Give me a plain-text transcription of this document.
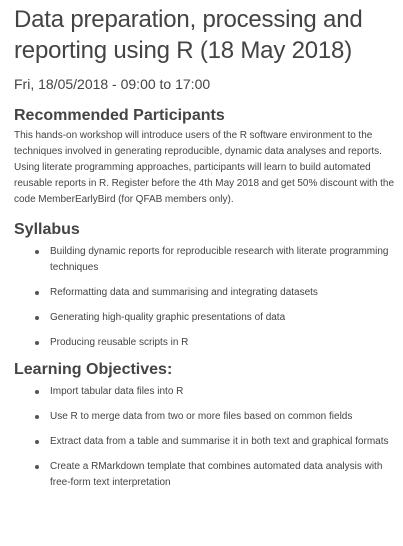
Data preparation, processing and reporting using R (18 May 2018)
Fri, 18/05/2018 - 09:00 to 17:00
Recommended Participants
This hands-on workshop will introduce users of the R software environment to the techniques involved in generating reproducible, dynamic data analyses and reports. Using literate programming approaches, participants will learn to build automated reusable reports in R. Register before the 4th May 2018 and get 50% discount with the code MemberEarlyBird (for QFAB members only).
Syllabus
Building dynamic reports for reproducible research with literate programming techniques
Reformatting data and summarising and integrating datasets
Generating high-quality graphic presentations of data
Producing reusable scripts in R
Learning Objectives:
Import tabular data files into R
Use R to merge data from two or more files based on common fields
Extract data from a table and summarise it in both text and graphical formats
Create a RMarkdown template that combines automated data analysis with free-form text interpretation
